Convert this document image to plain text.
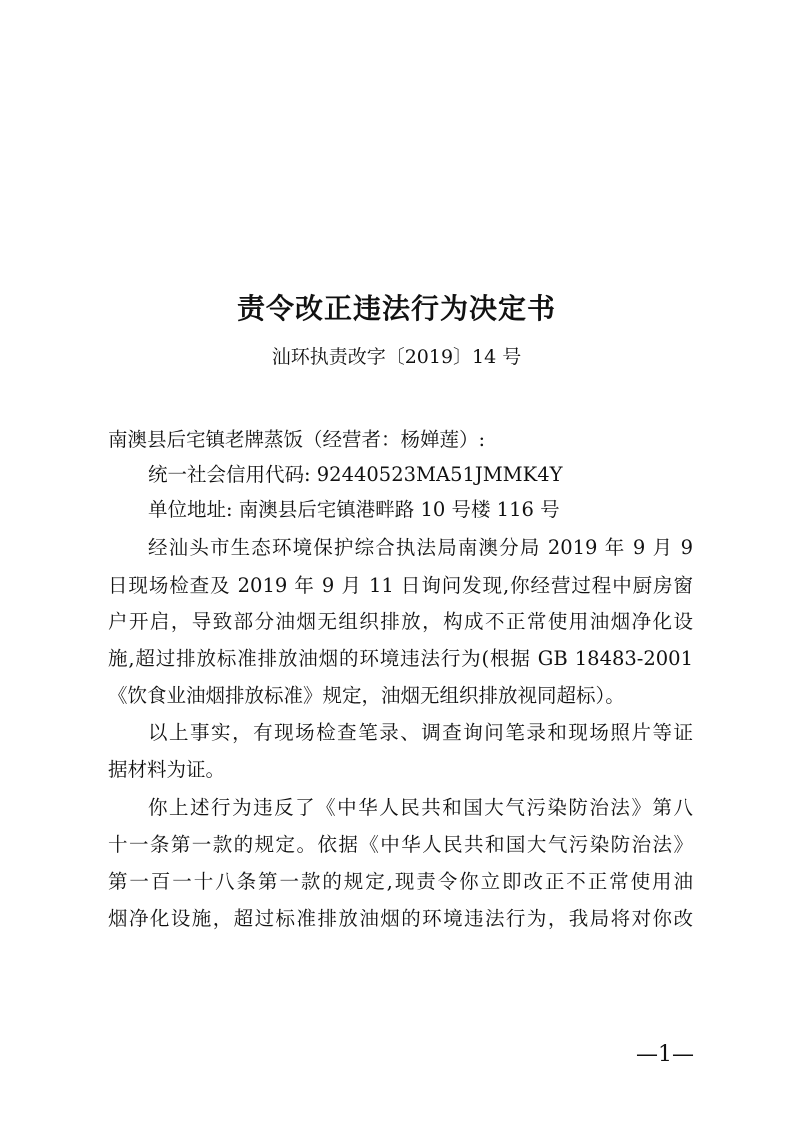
责令改正违法行为决定书
汕环执责改字〔2019〕14 号
南澳县后宅镇老牌蒸饭（经营者：杨婵莲）:
统一社会信用代码: 92440523MA51JMMK4Y
单位地址: 南澳县后宅镇港畔路 10 号楼 116 号
经汕头市生态环境保护综合执法局南澳分局 2019 年 9 月 9
日现场检查及 2019 年 9 月 11 日询问发现,你经营过程中厨房窗
户开启，导致部分油烟无组织排放，构成不正常使用油烟净化设
施,超过排放标准排放油烟的环境违法行为(根据 GB 18483-2001
《饮食业油烟排放标准》规定，油烟无组织排放视同超标）。
以上事实，有现场检查笔录、调查询问笔录和现场照片等证
据材料为证。
你上述行为违反了《中华人民共和国大气污染防治法》第八
十一条第一款的规定。依据《中华人民共和国大气污染防治法》
第一百一十八条第一款的规定,现责令你立即改正不正常使用油
烟净化设施，超过标准排放油烟的环境违法行为，我局将对你改
—1—
